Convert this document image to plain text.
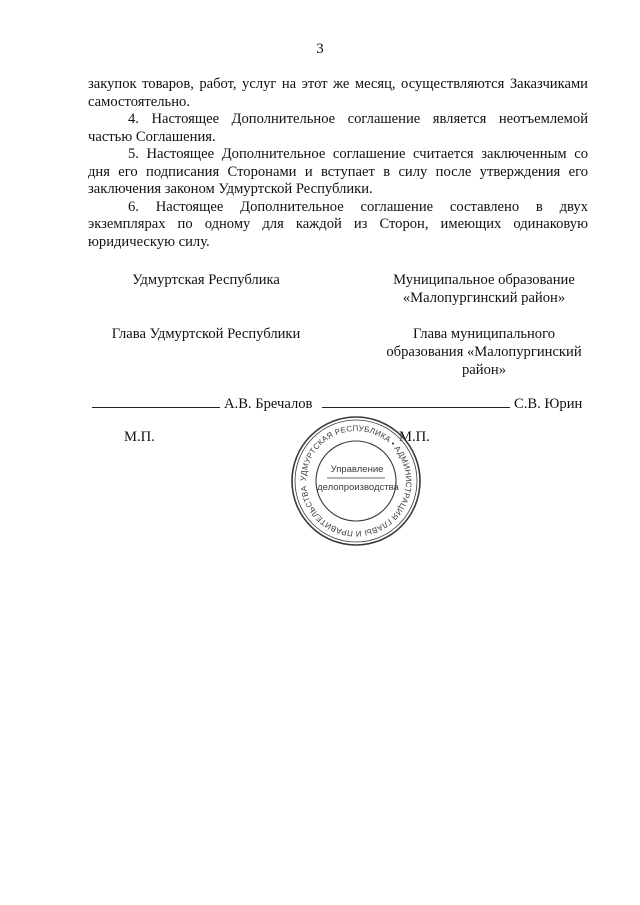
3

закупок товаров, работ, услуг на этот же месяц, осуществляются Заказчиками самостоятельно.

4. Настоящее Дополнительное соглашение является неотъемлемой частью Соглашения.

5. Настоящее Дополнительное соглашение считается заключенным со дня его подписания Сторонами и вступает в силу после утверждения его заключения законом Удмуртской Республики.

6. Настоящее Дополнительное соглашение составлено в двух экземплярах по одному для каждой из Сторон, имеющих одинаковую юридическую силу.

Удмуртская Республика	Муниципальное образование
«Малопургинский район»
Глава Удмуртской Республики	Глава муниципального
образования «Малопургинский
район»
А.В. Бречалов	С.В. Юрин
М.П.	М.П.
УДМУРТСКАЯ РЕСПУБЛИКА • АДМИНИСТРАЦИЯ ГЛАВЫ И ПРАВИТЕЛЬСТВА
Управление
делопроизводства
